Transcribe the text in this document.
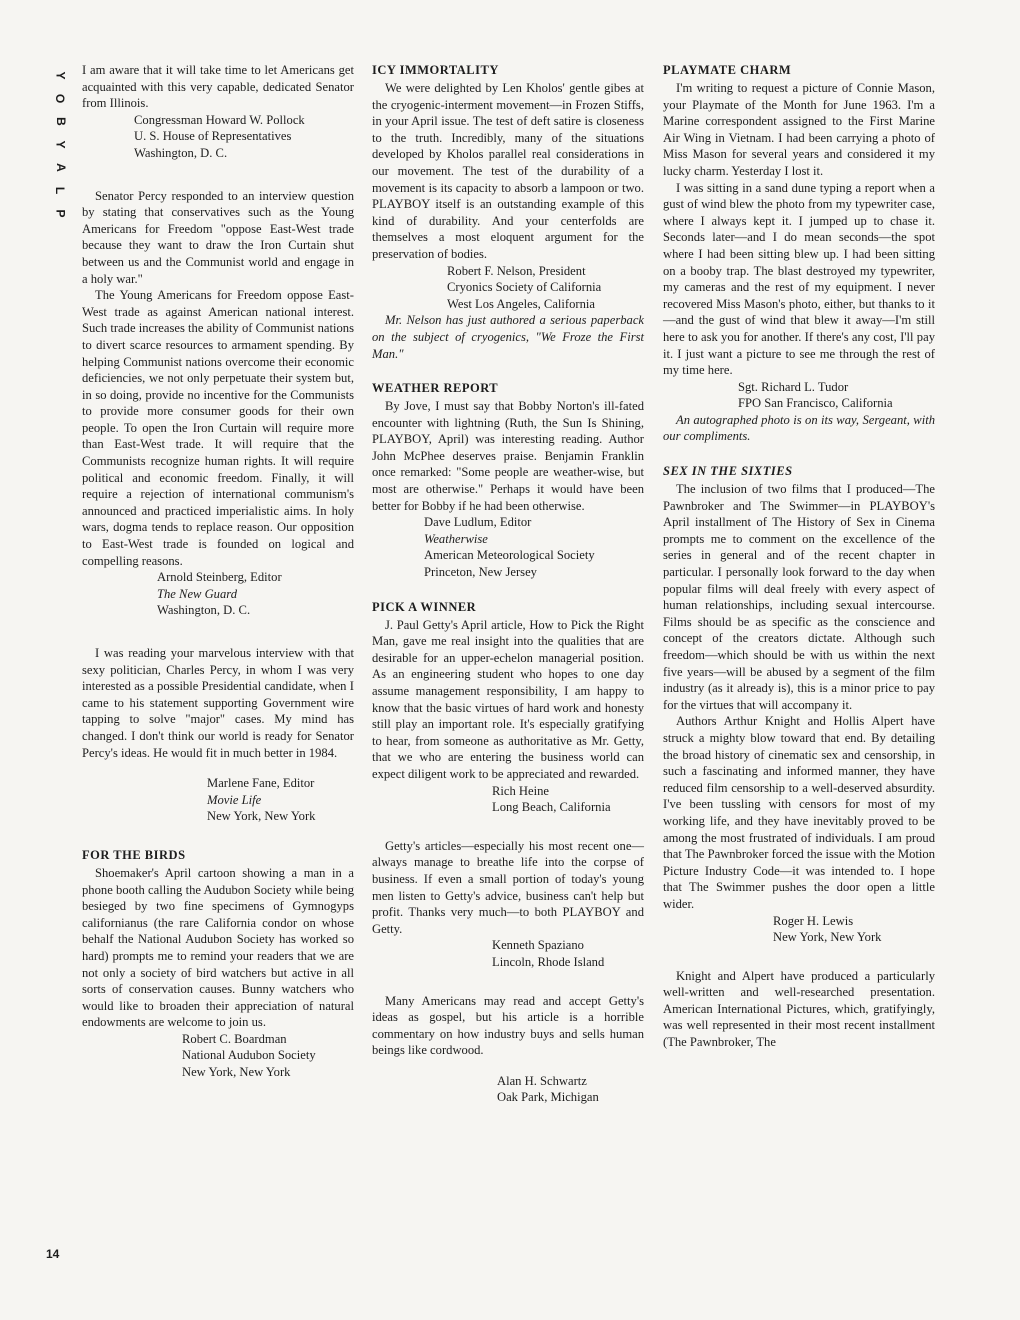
Y
O
B
Y
A
L
P
14

I am aware that it will take time to let Americans get acquainted with this very capable, dedicated Senator from Illinois.

Congressman Howard W. Pollock
U. S. House of Representatives
Washington, D. C.

Senator Percy responded to an interview question by stating that conservatives such as the Young Americans for Freedom "oppose East-West trade because they want to draw the Iron Curtain shut between us and the Communist world and engage in a holy war."

The Young Americans for Freedom oppose East-West trade as against American national interest. Such trade increases the ability of Communist nations to divert scarce resources to armament spending. By helping Communist nations overcome their economic deficiencies, we not only perpetuate their system but, in so doing, provide no incentive for the Communists to provide more consumer goods for their own people. To open the Iron Curtain will require more than East-West trade. It will require that the Communists recognize human rights. It will require political and economic freedom. Finally, it will require a rejection of international communism's announced and practiced imperialistic aims. In holy wars, dogma tends to replace reason. Our opposition to East-West trade is founded on logical and compelling reasons.

Arnold Steinberg, Editor
The New Guard
Washington, D. C.

I was reading your marvelous interview with that sexy politician, Charles Percy, in whom I was very interested as a possible Presidential candidate, when I came to his statement supporting Government wire tapping to solve "major" cases. My mind has changed. I don't think our world is ready for Senator Percy's ideas. He would fit in much better in 1984.

Marlene Fane, Editor
Movie Life
New York, New York
FOR THE BIRDS

Shoemaker's April cartoon showing a man in a phone booth calling the Audubon Society while being besieged by two fine specimens of Gymnogyps californianus (the rare California condor on whose behalf the National Audubon Society has worked so hard) prompts me to remind your readers that we are not only a society of bird watchers but active in all sorts of conservation causes. Bunny watchers who would like to broaden their appreciation of natural endowments are welcome to join us.

Robert C. Boardman
National Audubon Society
New York, New York
ICY IMMORTALITY

We were delighted by Len Kholos' gentle gibes at the cryogenic-interment movement—in Frozen Stiffs, in your April issue. The test of deft satire is closeness to the truth. Incredibly, many of the situations developed by Kholos parallel real considerations in our movement. The test of the durability of a movement is its capacity to absorb a lampoon or two. PLAYBOY itself is an outstanding example of this kind of durability. And your centerfolds are themselves a most eloquent argument for the preservation of bodies.

Robert F. Nelson, President
Cryonics Society of California
West Los Angeles, California

Mr. Nelson has just authored a serious paperback on the subject of cryogenics, "We Froze the First Man."

WEATHER REPORT

By Jove, I must say that Bobby Norton's ill-fated encounter with lightning (Ruth, the Sun Is Shining, PLAYBOY, April) was interesting reading. Author John McPhee deserves praise. Benjamin Franklin once remarked: "Some people are weather-wise, but most are otherwise." Perhaps it would have been better for Bobby if he had been otherwise.

Dave Ludlum, Editor
Weatherwise
American Meteorological Society
Princeton, New Jersey
PICK A WINNER

J. Paul Getty's April article, How to Pick the Right Man, gave me real insight into the qualities that are desirable for an upper-echelon managerial position. As an engineering student who hopes to one day assume management responsibility, I am happy to know that the basic virtues of hard work and honesty still play an important role. It's especially gratifying to hear, from someone as authoritative as Mr. Getty, that we who are entering the business world can expect diligent work to be appreciated and rewarded.

Rich Heine
Long Beach, California

Getty's articles—especially his most recent one—always manage to breathe life into the corpse of business. If even a small portion of today's young men listen to Getty's advice, business can't help but profit. Thanks very much—to both PLAYBOY and Getty.

Kenneth Spaziano
Lincoln, Rhode Island

Many Americans may read and accept Getty's ideas as gospel, but his article is a horrible commentary on how industry buys and sells human beings like cordwood.

Alan H. Schwartz
Oak Park, Michigan
PLAYMATE CHARM

I'm writing to request a picture of Connie Mason, your Playmate of the Month for June 1963. I'm a Marine correspondent assigned to the First Marine Air Wing in Vietnam. I had been carrying a photo of Miss Mason for several years and considered it my lucky charm. Yesterday I lost it.

I was sitting in a sand dune typing a report when a gust of wind blew the photo from my typewriter case, where I always kept it. I jumped up to chase it. Seconds later—and I do mean seconds—the spot where I had been sitting blew up. I had been sitting on a booby trap. The blast destroyed my typewriter, my cameras and the rest of my equipment. I never recovered Miss Mason's photo, either, but thanks to it—and the gust of wind that blew it away—I'm still here to ask you for another. If there's any cost, I'll pay it. I just want a picture to see me through the rest of my time here.

Sgt. Richard L. Tudor
FPO San Francisco, California

An autographed photo is on its way, Sergeant, with our compliments.

SEX IN THE SIXTIES

The inclusion of two films that I produced—The Pawnbroker and The Swimmer—in PLAYBOY's April installment of The History of Sex in Cinema prompts me to comment on the excellence of the series in general and of the recent chapter in particular. I personally look forward to the day when popular films will deal freely with every aspect of human relationships, including sexual intercourse. Films should be as specific as the conscience and concept of the creators dictate. Although such freedom—which should be with us within the next five years—will be abused by a segment of the film industry (as it already is), this is a minor price to pay for the virtues that will accompany it.

Authors Arthur Knight and Hollis Alpert have struck a mighty blow toward that end. By detailing the broad history of cinematic sex and censorship, in such a fascinating and informed manner, they have reduced film censorship to a well-deserved absurdity. I've been tussling with censors for most of my working life, and they have inevitably proved to be among the most frustrated of individuals. I am proud that The Pawnbroker forced the issue with the Motion Picture Industry Code—it was intended to. I hope that The Swimmer pushes the door open a little wider.

Roger H. Lewis
New York, New York

Knight and Alpert have produced a particularly well-written and well-researched presentation. American International Pictures, which, gratifyingly, was well represented in their most recent installment (The Pawnbroker, The
